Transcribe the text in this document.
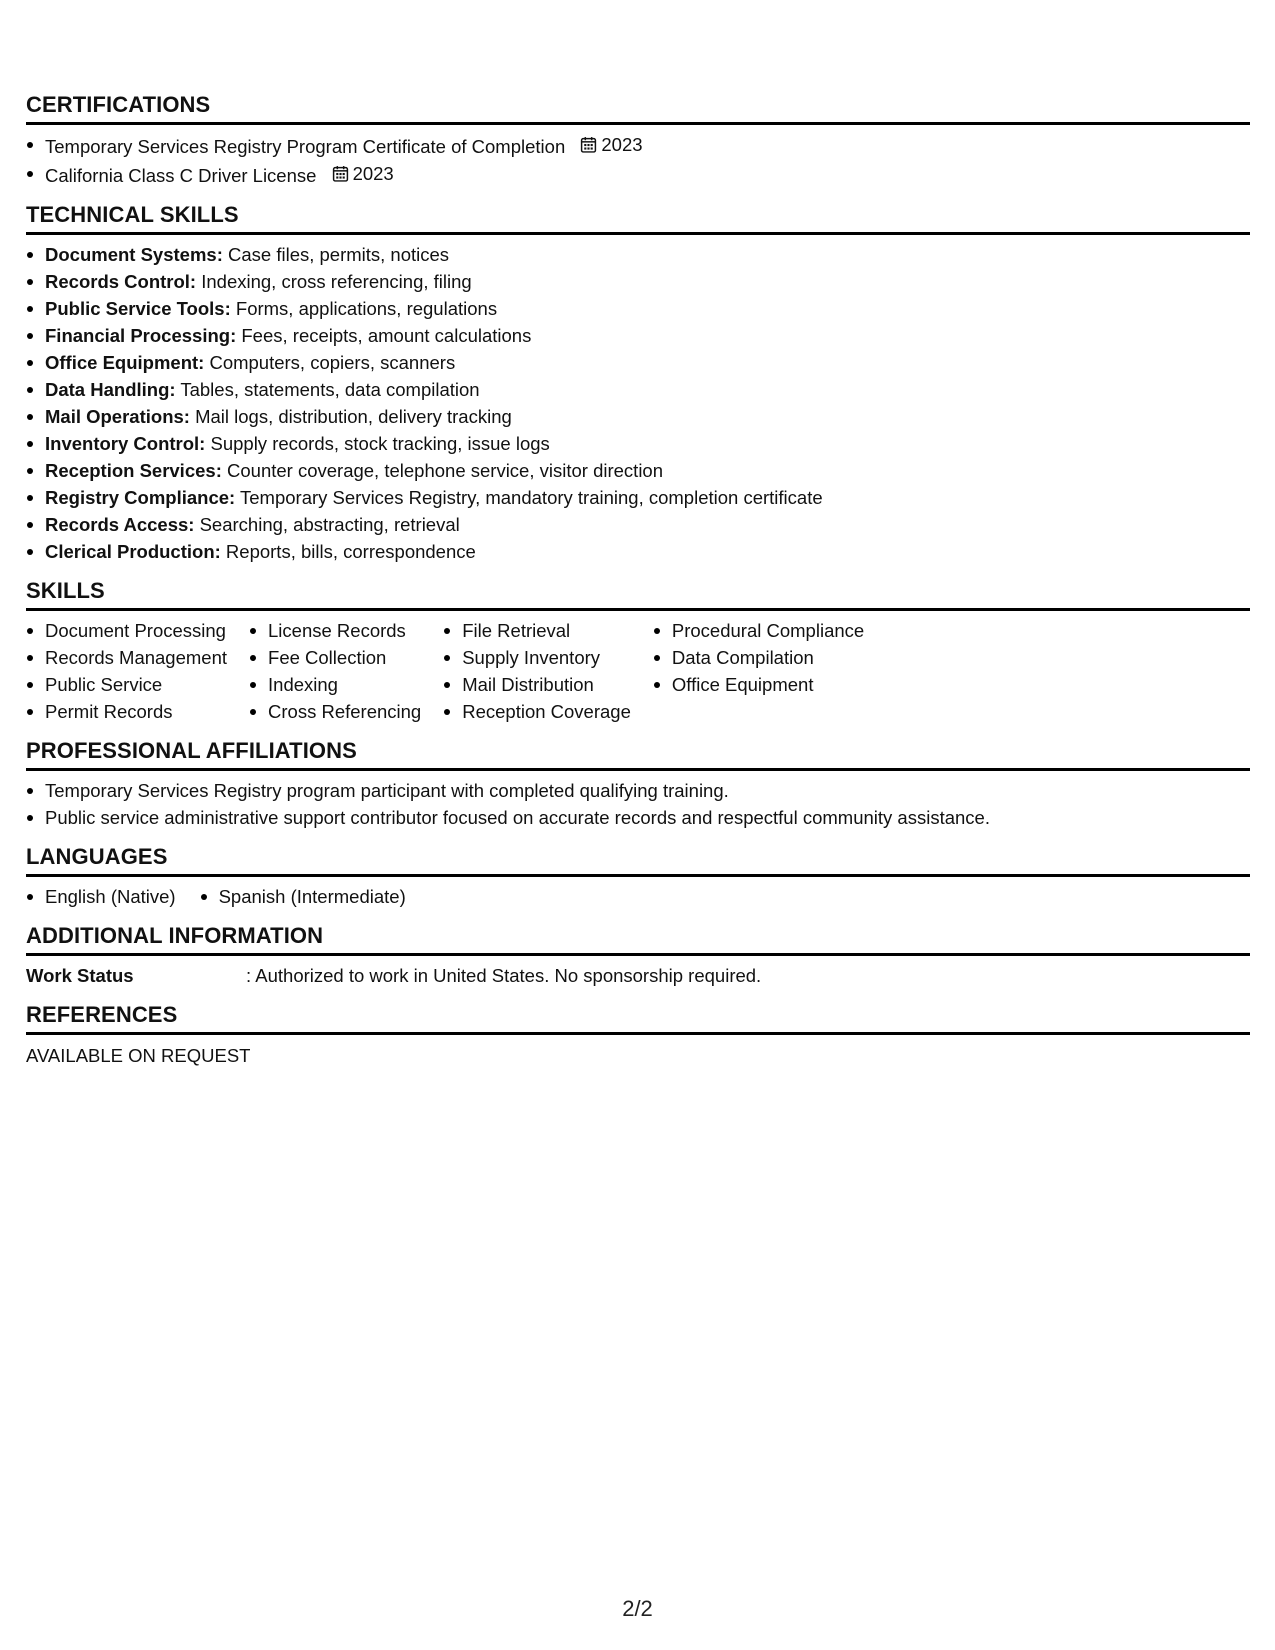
CERTIFICATIONS
Temporary Services Registry Program Certificate of Completion 2023
California Class C Driver License 2023
TECHNICAL SKILLS
Document Systems: Case files, permits, notices
Records Control: Indexing, cross referencing, filing
Public Service Tools: Forms, applications, regulations
Financial Processing: Fees, receipts, amount calculations
Office Equipment: Computers, copiers, scanners
Data Handling: Tables, statements, data compilation
Mail Operations: Mail logs, distribution, delivery tracking
Inventory Control: Supply records, stock tracking, issue logs
Reception Services: Counter coverage, telephone service, visitor direction
Registry Compliance: Temporary Services Registry, mandatory training, completion certificate
Records Access: Searching, abstracting, retrieval
Clerical Production: Reports, bills, correspondence
SKILLS
Document Processing
Records Management
Public Service
Permit Records
License Records
Fee Collection
Indexing
Cross Referencing
File Retrieval
Supply Inventory
Mail Distribution
Reception Coverage
Procedural Compliance
Data Compilation
Office Equipment
PROFESSIONAL AFFILIATIONS
Temporary Services Registry program participant with completed qualifying training.
Public service administrative support contributor focused on accurate records and respectful community assistance.
LANGUAGES
English (Native)	Spanish (Intermediate)
ADDITIONAL INFORMATION
Work Status	: Authorized to work in United States. No sponsorship required.
REFERENCES
AVAILABLE ON REQUEST
2/2
